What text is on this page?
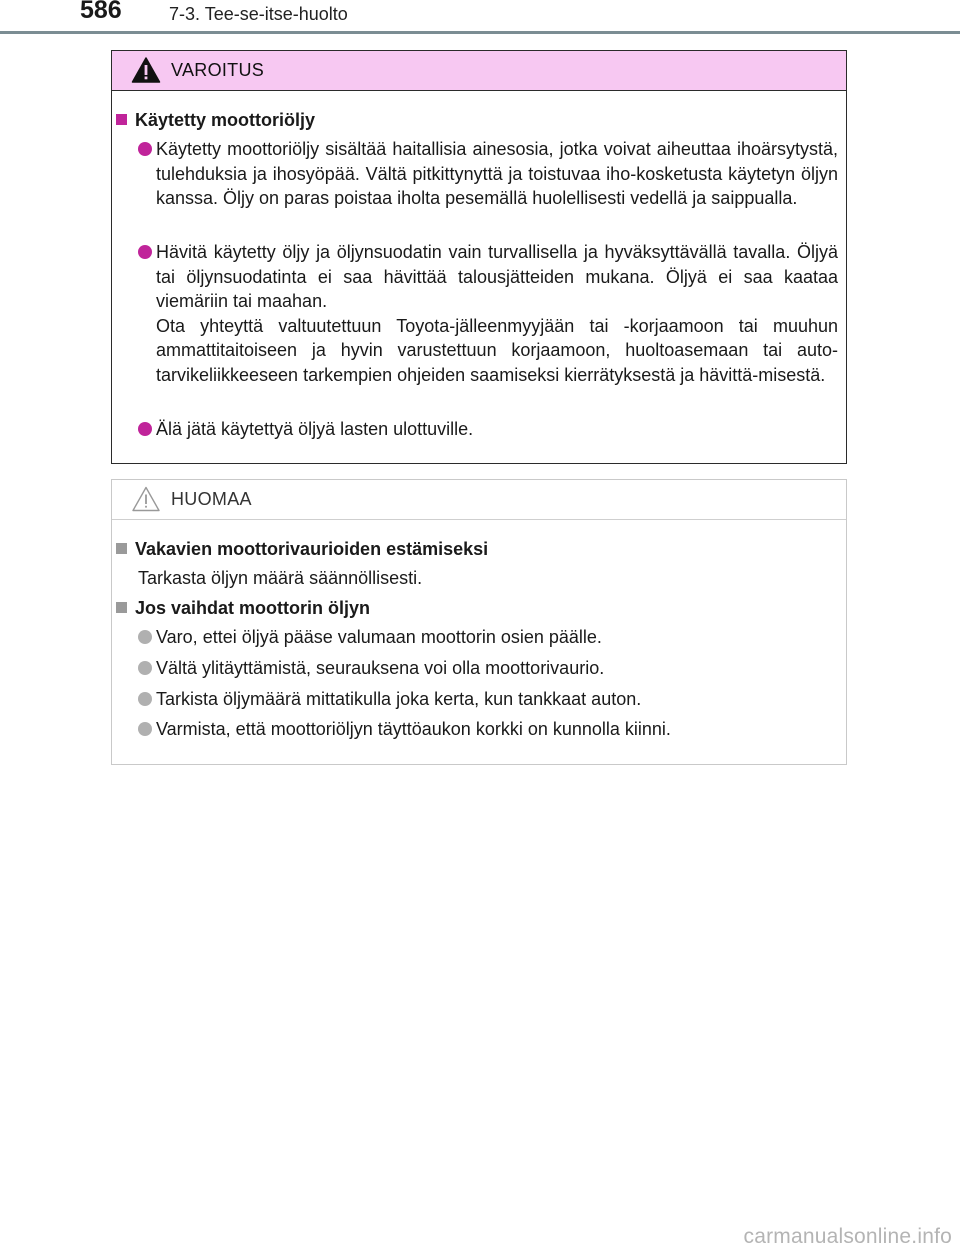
586	7-3. Tee-se-itse-huolto
VAROITUS
Käytetty moottoriöljy
Käytetty moottoriöljy sisältää haitallisia ainesosia, jotka voivat aiheuttaa ihoärsytystä, tulehduksia ja ihosyöpää. Vältä pitkittynyttä ja toistuvaa iho-kosketusta käytetyn öljyn kanssa. Öljy on paras poistaa iholta pesemällä huolellisesti vedellä ja saippualla.
Hävitä käytetty öljy ja öljynsuodatin vain turvallisella ja hyväksyttävällä tavalla. Öljyä tai öljynsuodatinta ei saa hävittää talousjätteiden mukana. Öljyä ei saa kaataa viemäriin tai maahan.
Ota yhteyttä valtuutettuun Toyota-jälleenmyyjään tai -korjaamoon tai muuhun ammattitaitoiseen ja hyvin varustettuun korjaamoon, huoltoasemaan tai auto-tarvikeliikkeeseen tarkempien ohjeiden saamiseksi kierrätyksestä ja hävittä-misestä.
Älä jätä käytettyä öljyä lasten ulottuville.
HUOMAA
Vakavien moottorivaurioiden estämiseksi
Tarkasta öljyn määrä säännöllisesti.
Jos vaihdat moottorin öljyn
Varo, ettei öljyä pääse valumaan moottorin osien päälle.
Vältä ylitäyttämistä, seurauksena voi olla moottorivaurio.
Tarkista öljymäärä mittatikulla joka kerta, kun tankkaat auton.
Varmista, että moottoriöljyn täyttöaukon korkki on kunnolla kiinni.
carmanualsonline.info
